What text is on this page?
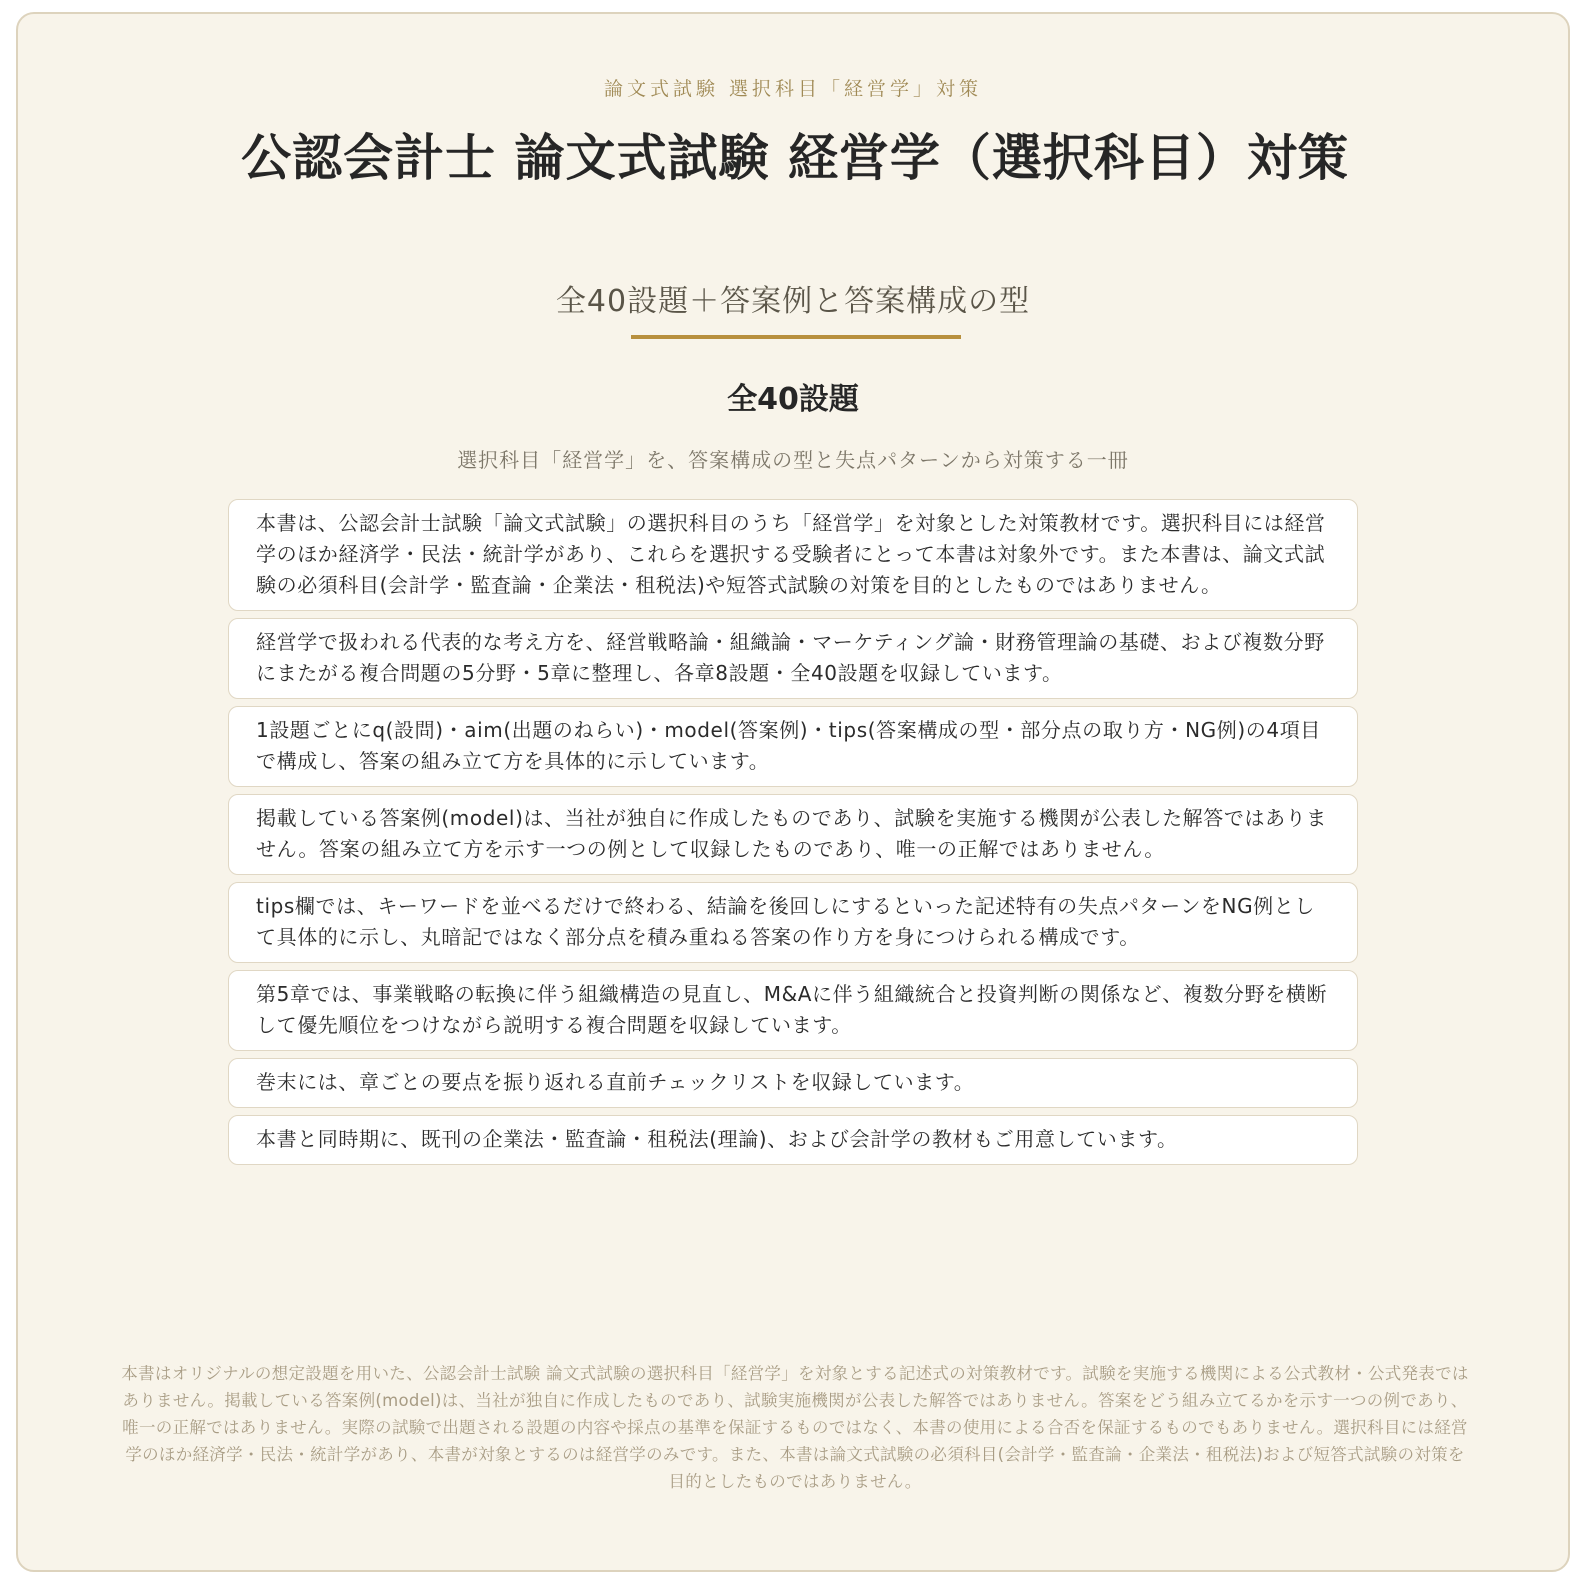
論文式試験 選択科目「経営学」対策
公認会計士 論文式試験 経営学（選択科目）対策
全40設題＋答案例と答案構成の型
全40設題
選択科目「経営学」を、答案構成の型と失点パターンから対策する一冊
本書は、公認会計士試験「論文式試験」の選択科目のうち「経営学」を対象とした対策教材です。選択科目には経営学のほか経済学・民法・統計学があり、これらを選択する受験者にとって本書は対象外です。また本書は、論文式試験の必須科目(会計学・監査論・企業法・租税法)や短答式試験の対策を目的としたものではありません。
経営学で扱われる代表的な考え方を、経営戦略論・組織論・マーケティング論・財務管理論の基礎、および複数分野にまたがる複合問題の5分野・5章に整理し、各章8設題・全40設題を収録しています。
1設題ごとにq(設問)・aim(出題のねらい)・model(答案例)・tips(答案構成の型・部分点の取り方・NG例)の4項目で構成し、答案の組み立て方を具体的に示しています。
掲載している答案例(model)は、当社が独自に作成したものであり、試験を実施する機関が公表した解答ではありません。答案の組み立て方を示す一つの例として収録したものであり、唯一の正解ではありません。
tips欄では、キーワードを並べるだけで終わる、結論を後回しにするといった記述特有の失点パターンをNG例として具体的に示し、丸暗記ではなく部分点を積み重ねる答案の作り方を身につけられる構成です。
第5章では、事業戦略の転換に伴う組織構造の見直し、M&Aに伴う組織統合と投資判断の関係など、複数分野を横断して優先順位をつけながら説明する複合問題を収録しています。
巻末には、章ごとの要点を振り返れる直前チェックリストを収録しています。
本書と同時期に、既刊の企業法・監査論・租税法(理論)、および会計学の教材もご用意しています。
本書はオリジナルの想定設題を用いた、公認会計士試験 論文式試験の選択科目「経営学」を対象とする記述式の対策教材です。試験を実施する機関による公式教材・公式発表ではありません。掲載している答案例(model)は、当社が独自に作成したものであり、試験実施機関が公表した解答ではありません。答案をどう組み立てるかを示す一つの例であり、唯一の正解ではありません。実際の試験で出題される設題の内容や採点の基準を保証するものではなく、本書の使用による合否を保証するものでもありません。選択科目には経営学のほか経済学・民法・統計学があり、本書が対象とするのは経営学のみです。また、本書は論文式試験の必須科目(会計学・監査論・企業法・租税法)および短答式試験の対策を目的としたものではありません。
